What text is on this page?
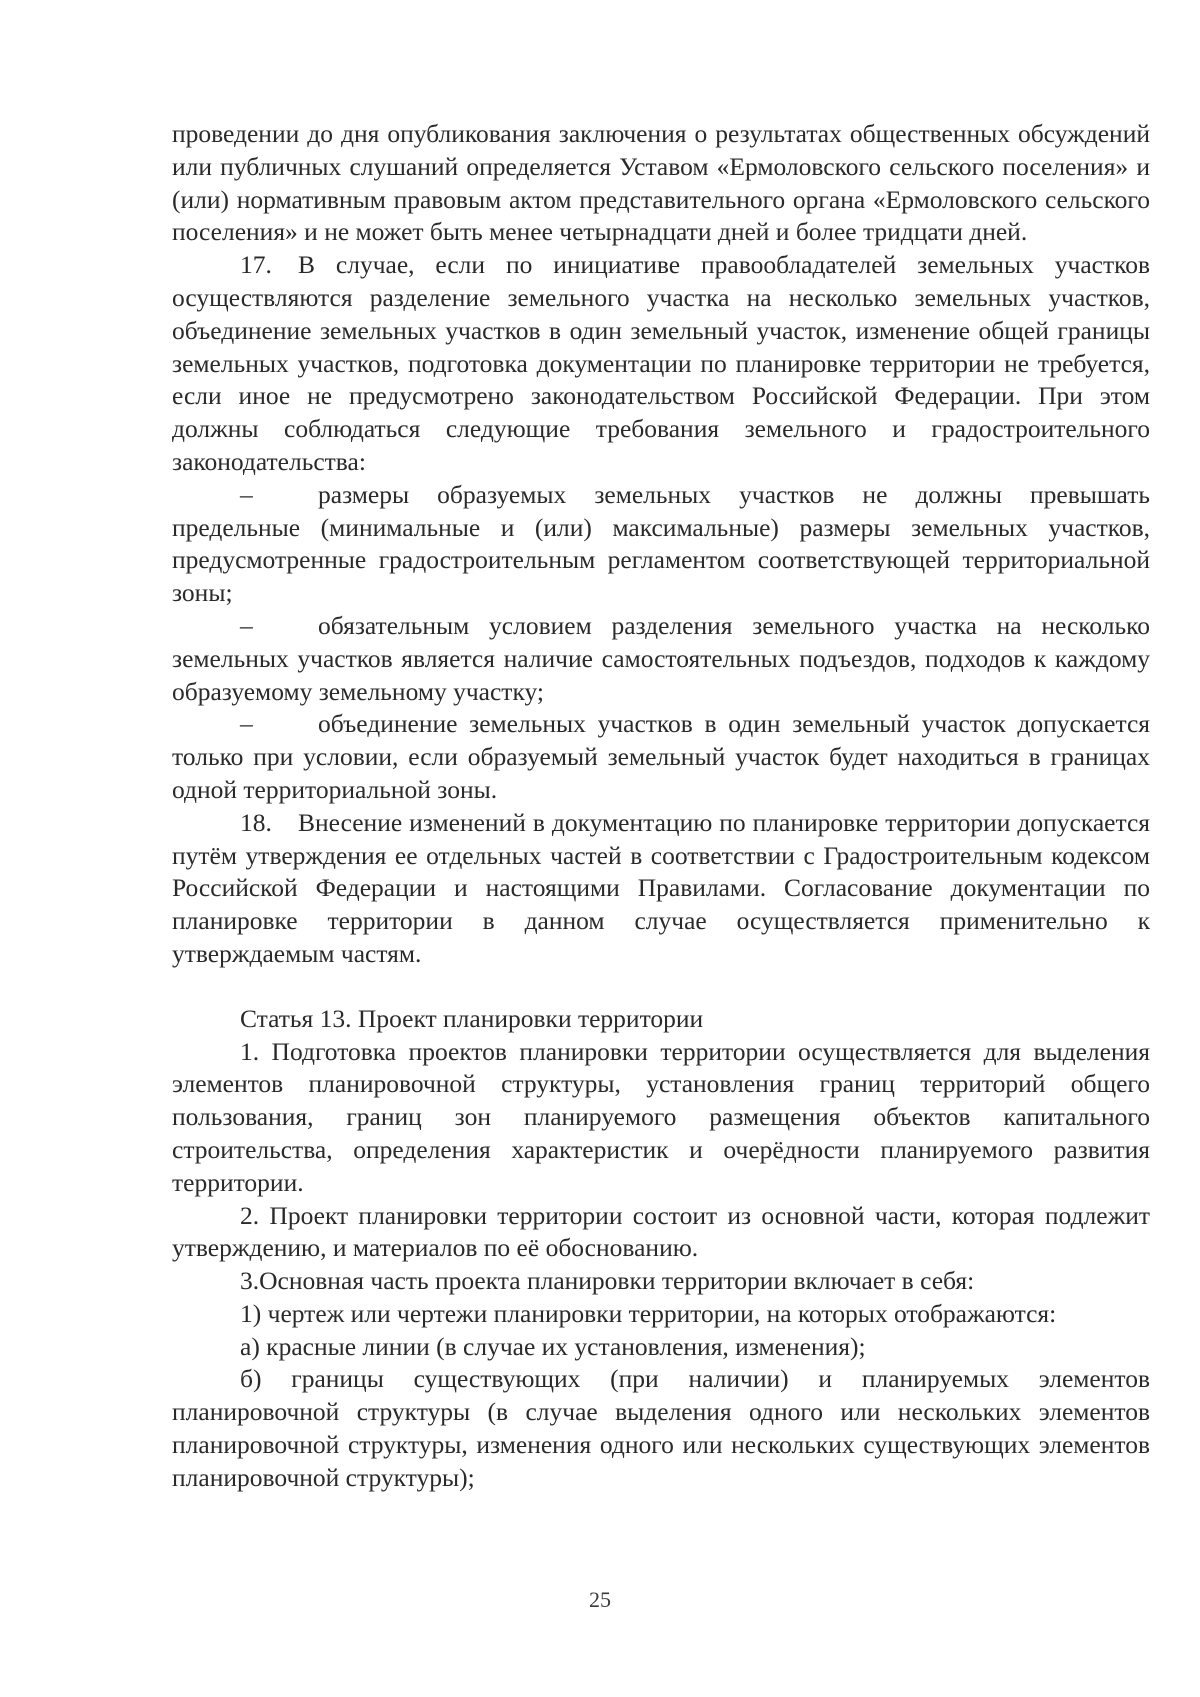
проведении до дня опубликования заключения о результатах общественных обсуждений или публичных слушаний определяется Уставом «Ермоловского сельского поселения» и (или) нормативным правовым актом представительного органа «Ермоловского сельского поселения» и не может быть менее четырнадцати дней и более тридцати дней.

17. В случае, если по инициативе правообладателей земельных участков осуществляются разделение земельного участка на несколько земельных участков, объединение земельных участков в один земельный участок, изменение общей границы земельных участков, подготовка документации по планировке территории не требуется, если иное не предусмотрено законодательством Российской Федерации. При этом должны соблюдаться следующие требования земельного и градостроительного законодательства:

–	размеры образуемых земельных участков не должны превышать предельные (минимальные и (или) максимальные) размеры земельных участков, предусмотренные градостроительным регламентом соответствующей территориальной зоны;

–	обязательным условием разделения земельного участка на несколько земельных участков является наличие самостоятельных подъездов, подходов к каждому образуемому земельному участку;

–	объединение земельных участков в один земельный участок допускается только при условии, если образуемый земельный участок будет находиться в границах одной территориальной зоны.

18. Внесение изменений в документацию по планировке территории допускается путём утверждения ее отдельных частей в соответствии с Градостроительным кодексом Российской Федерации и настоящими Правилами. Согласование документации по планировке территории в данном случае осуществляется применительно к утверждаемым частям.

Статья 13. Проект планировки территории

1. Подготовка проектов планировки территории осуществляется для выделения элементов планировочной структуры, установления границ территорий общего пользования, границ зон планируемого размещения объектов капитального строительства, определения характеристик и очерёдности планируемого развития территории.

2. Проект планировки территории состоит из основной части, которая подлежит утверждению, и материалов по её обоснованию.

3.Основная часть проекта планировки территории включает в себя:

1) чертеж или чертежи планировки территории, на которых отображаются:

а) красные линии (в случае их установления, изменения);

б) границы существующих (при наличии) и планируемых элементов планировочной структуры (в случае выделения одного или нескольких элементов планировочной структуры, изменения одного или нескольких существующих элементов планировочной структуры);

25
